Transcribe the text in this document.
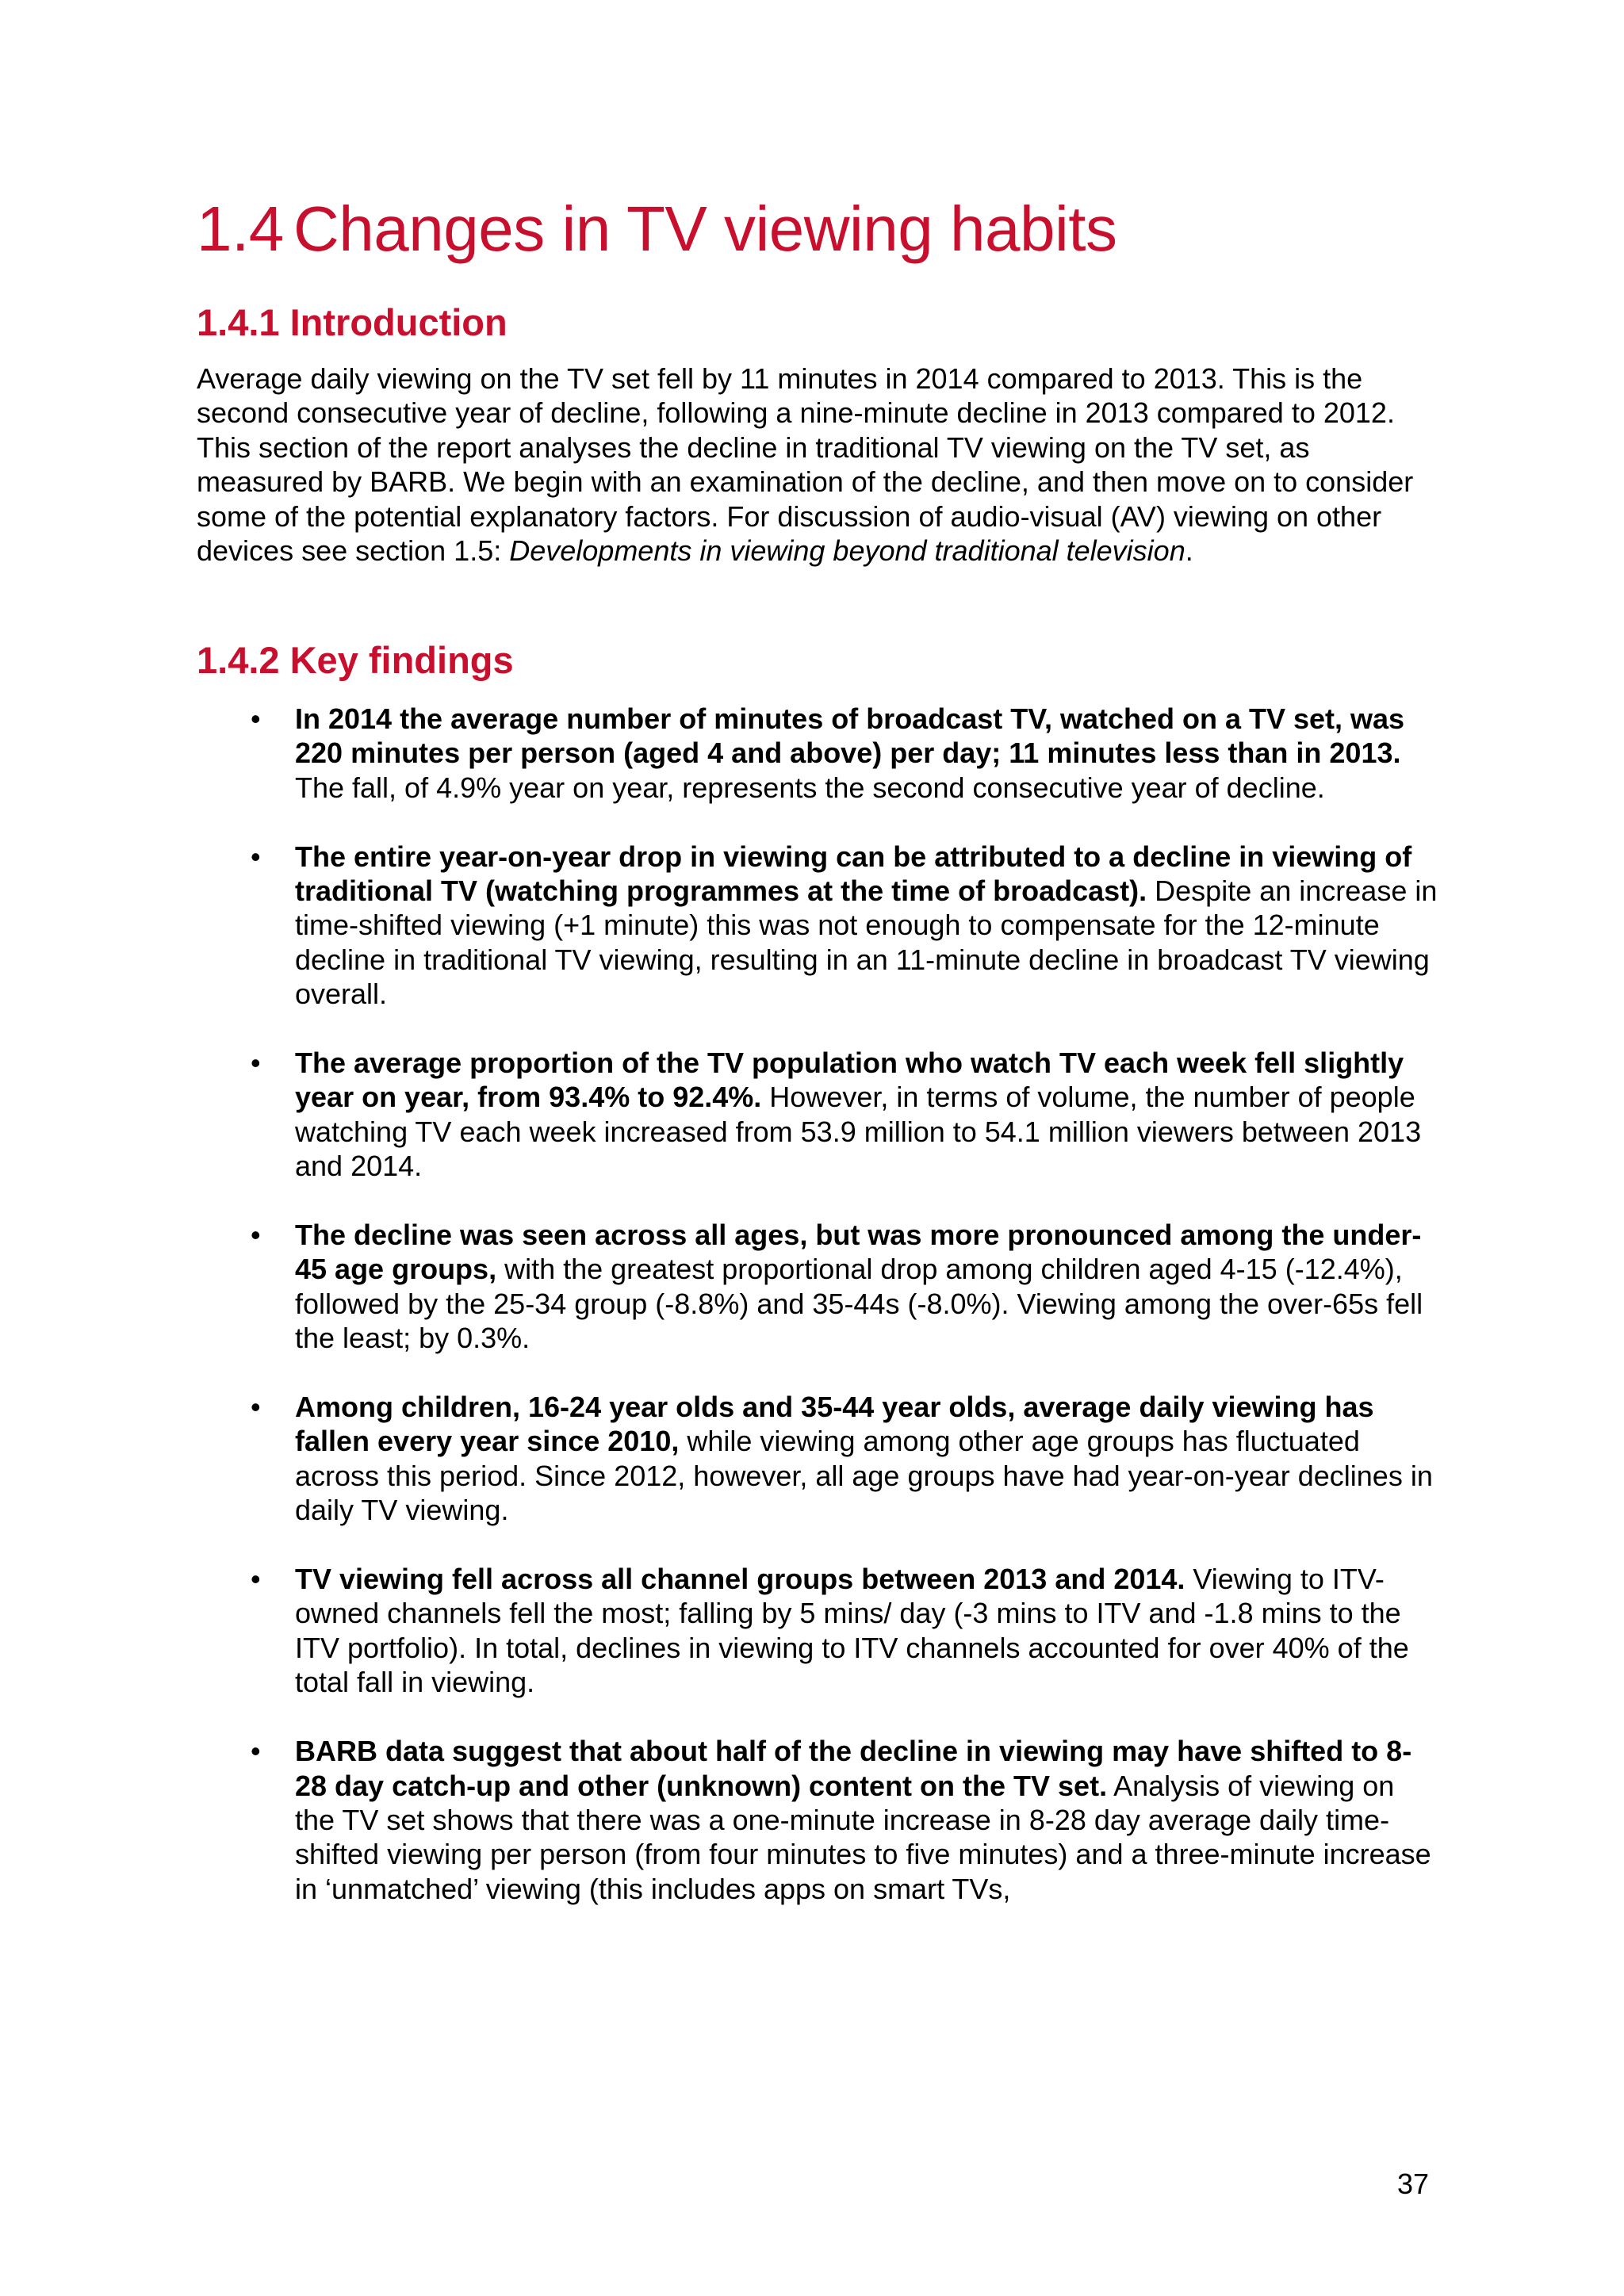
1.4 Changes in TV viewing habits
1.4.1 Introduction

Average daily viewing on the TV set fell by 11 minutes in 2014 compared to 2013. This is the second consecutive year of decline, following a nine-minute decline in 2013 compared to 2012. This section of the report analyses the decline in traditional TV viewing on the TV set, as measured by BARB. We begin with an examination of the decline, and then move on to consider some of the potential explanatory factors. For discussion of audio-visual (AV) viewing on other devices see section 1.5: Developments in viewing beyond traditional television.

1.4.2 Key findings
• In 2014 the average number of minutes of broadcast TV, watched on a TV set, was 220 minutes per person (aged 4 and above) per day; 11 minutes less than in 2013. The fall, of 4.9% year on year, represents the second consecutive year of decline.
• The entire year-on-year drop in viewing can be attributed to a decline in viewing of traditional TV (watching programmes at the time of broadcast). Despite an increase in time-shifted viewing (+1 minute) this was not enough to compensate for the 12-minute decline in traditional TV viewing, resulting in an 11-minute decline in broadcast TV viewing overall.
• The average proportion of the TV population who watch TV each week fell slightly year on year, from 93.4% to 92.4%. However, in terms of volume, the number of people watching TV each week increased from 53.9 million to 54.1 million viewers between 2013 and 2014.
• The decline was seen across all ages, but was more pronounced among the under-45 age groups, with the greatest proportional drop among children aged 4-15 (-12.4%), followed by the 25-34 group (-8.8%) and 35-44s (-8.0%). Viewing among the over-65s fell the least; by 0.3%.
• Among children, 16-24 year olds and 35-44 year olds, average daily viewing has fallen every year since 2010, while viewing among other age groups has fluctuated across this period. Since 2012, however, all age groups have had year-on-year declines in daily TV viewing.
• TV viewing fell across all channel groups between 2013 and 2014. Viewing to ITV-owned channels fell the most; falling by 5 mins/ day (-3 mins to ITV and -1.8 mins to the ITV portfolio). In total, declines in viewing to ITV channels accounted for over 40% of the total fall in viewing.
• BARB data suggest that about half of the decline in viewing may have shifted to 8-28 day catch-up and other (unknown) content on the TV set. Analysis of viewing on the TV set shows that there was a one-minute increase in 8-28 day average daily time-shifted viewing per person (from four minutes to five minutes) and a three-minute increase in ‘unmatched’ viewing (this includes apps on smart TVs,
37
